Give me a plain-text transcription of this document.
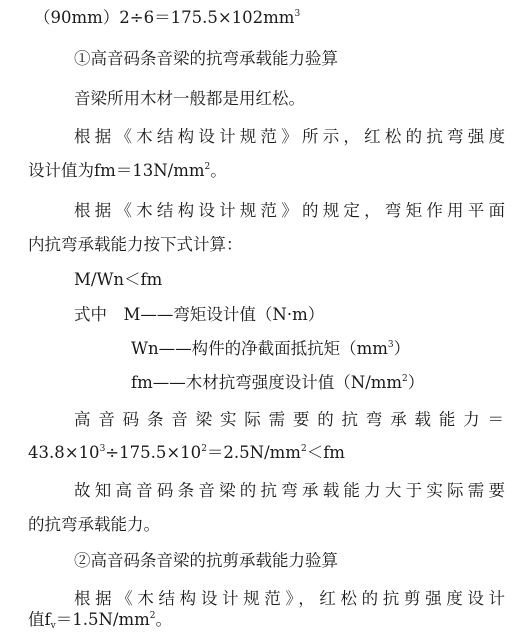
$(90mm)2\div 6=175.5\times 102mm^3$
①高音码条音梁的抗弯承载能力验算
音梁所用木材一般都是用红松。
根据《木结构设计规范》所示，红松的抗弯强度
设计值为$fm=13N/mm^2$。
根据《木结构设计规范》的规定，弯矩作用平面
内抗弯承载能力按下式计算：
M/Wn＜fm
式中　M——弯矩设计值（N·m）
Wn——构件的净截面抵抗矩$(mm^3)$
fm——木材抗弯强度设计值$(N/mm^2)$
高音码条音梁实际需要的抗弯承载能力＝
$43.8\times 10^3\div 175.5\times 10^2=2.5N/mm^2<fm$
故知高音码条音梁的抗弯承载能力大于实际需要
的抗弯承载能力。
②高音码条音梁的抗剪承载能力验算
根据《木结构设计规范》，红松的抗剪强度设计
值$f_v=1.5N/mm^2$。
